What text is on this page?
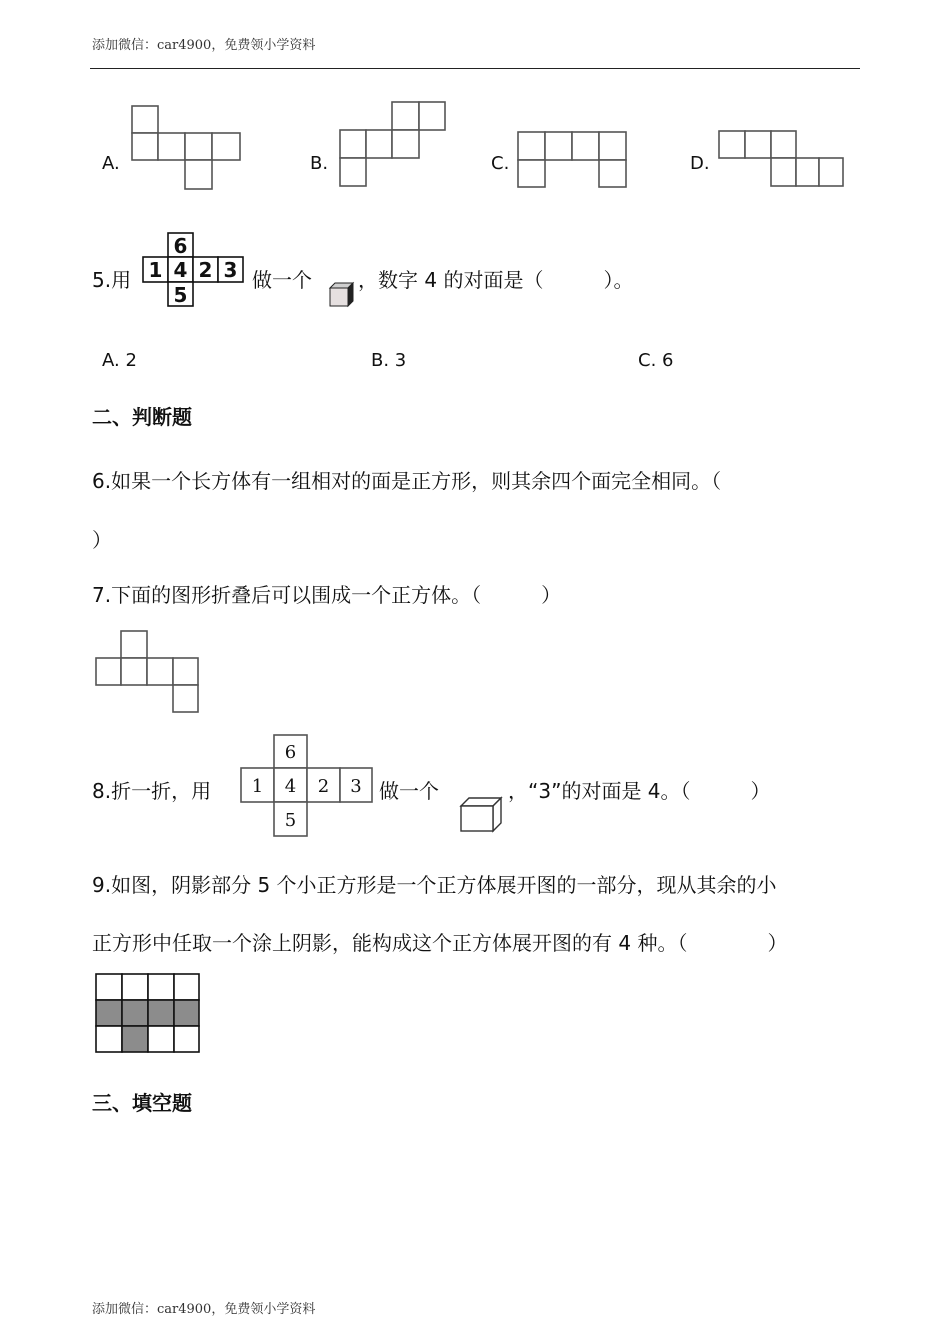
添加微信：car4900，免费领小学资料
添加微信：car4900，免费领小学资料
A.	B.	C.	D.
5.用
6
1 4 2 3
5
做一个 ，数字 4 的对面是（　　　）。
A. 2	B. 3	C. 6
二、判断题
6.如果一个长方体有一组相对的面是正方形，则其余四个面完全相同。（
）
7.下面的图形折叠后可以围成一个正方体。（　　　）
8.折一折，用
6
1 4 2 3
5
做一个	，“3”的对面是 4。（　　　）
9.如图，阴影部分 5 个小正方形是一个正方体展开图的一部分，现从其余的小
正方形中任取一个涂上阴影，能构成这个正方体展开图的有 4 种。（　　　　）
三、填空题
